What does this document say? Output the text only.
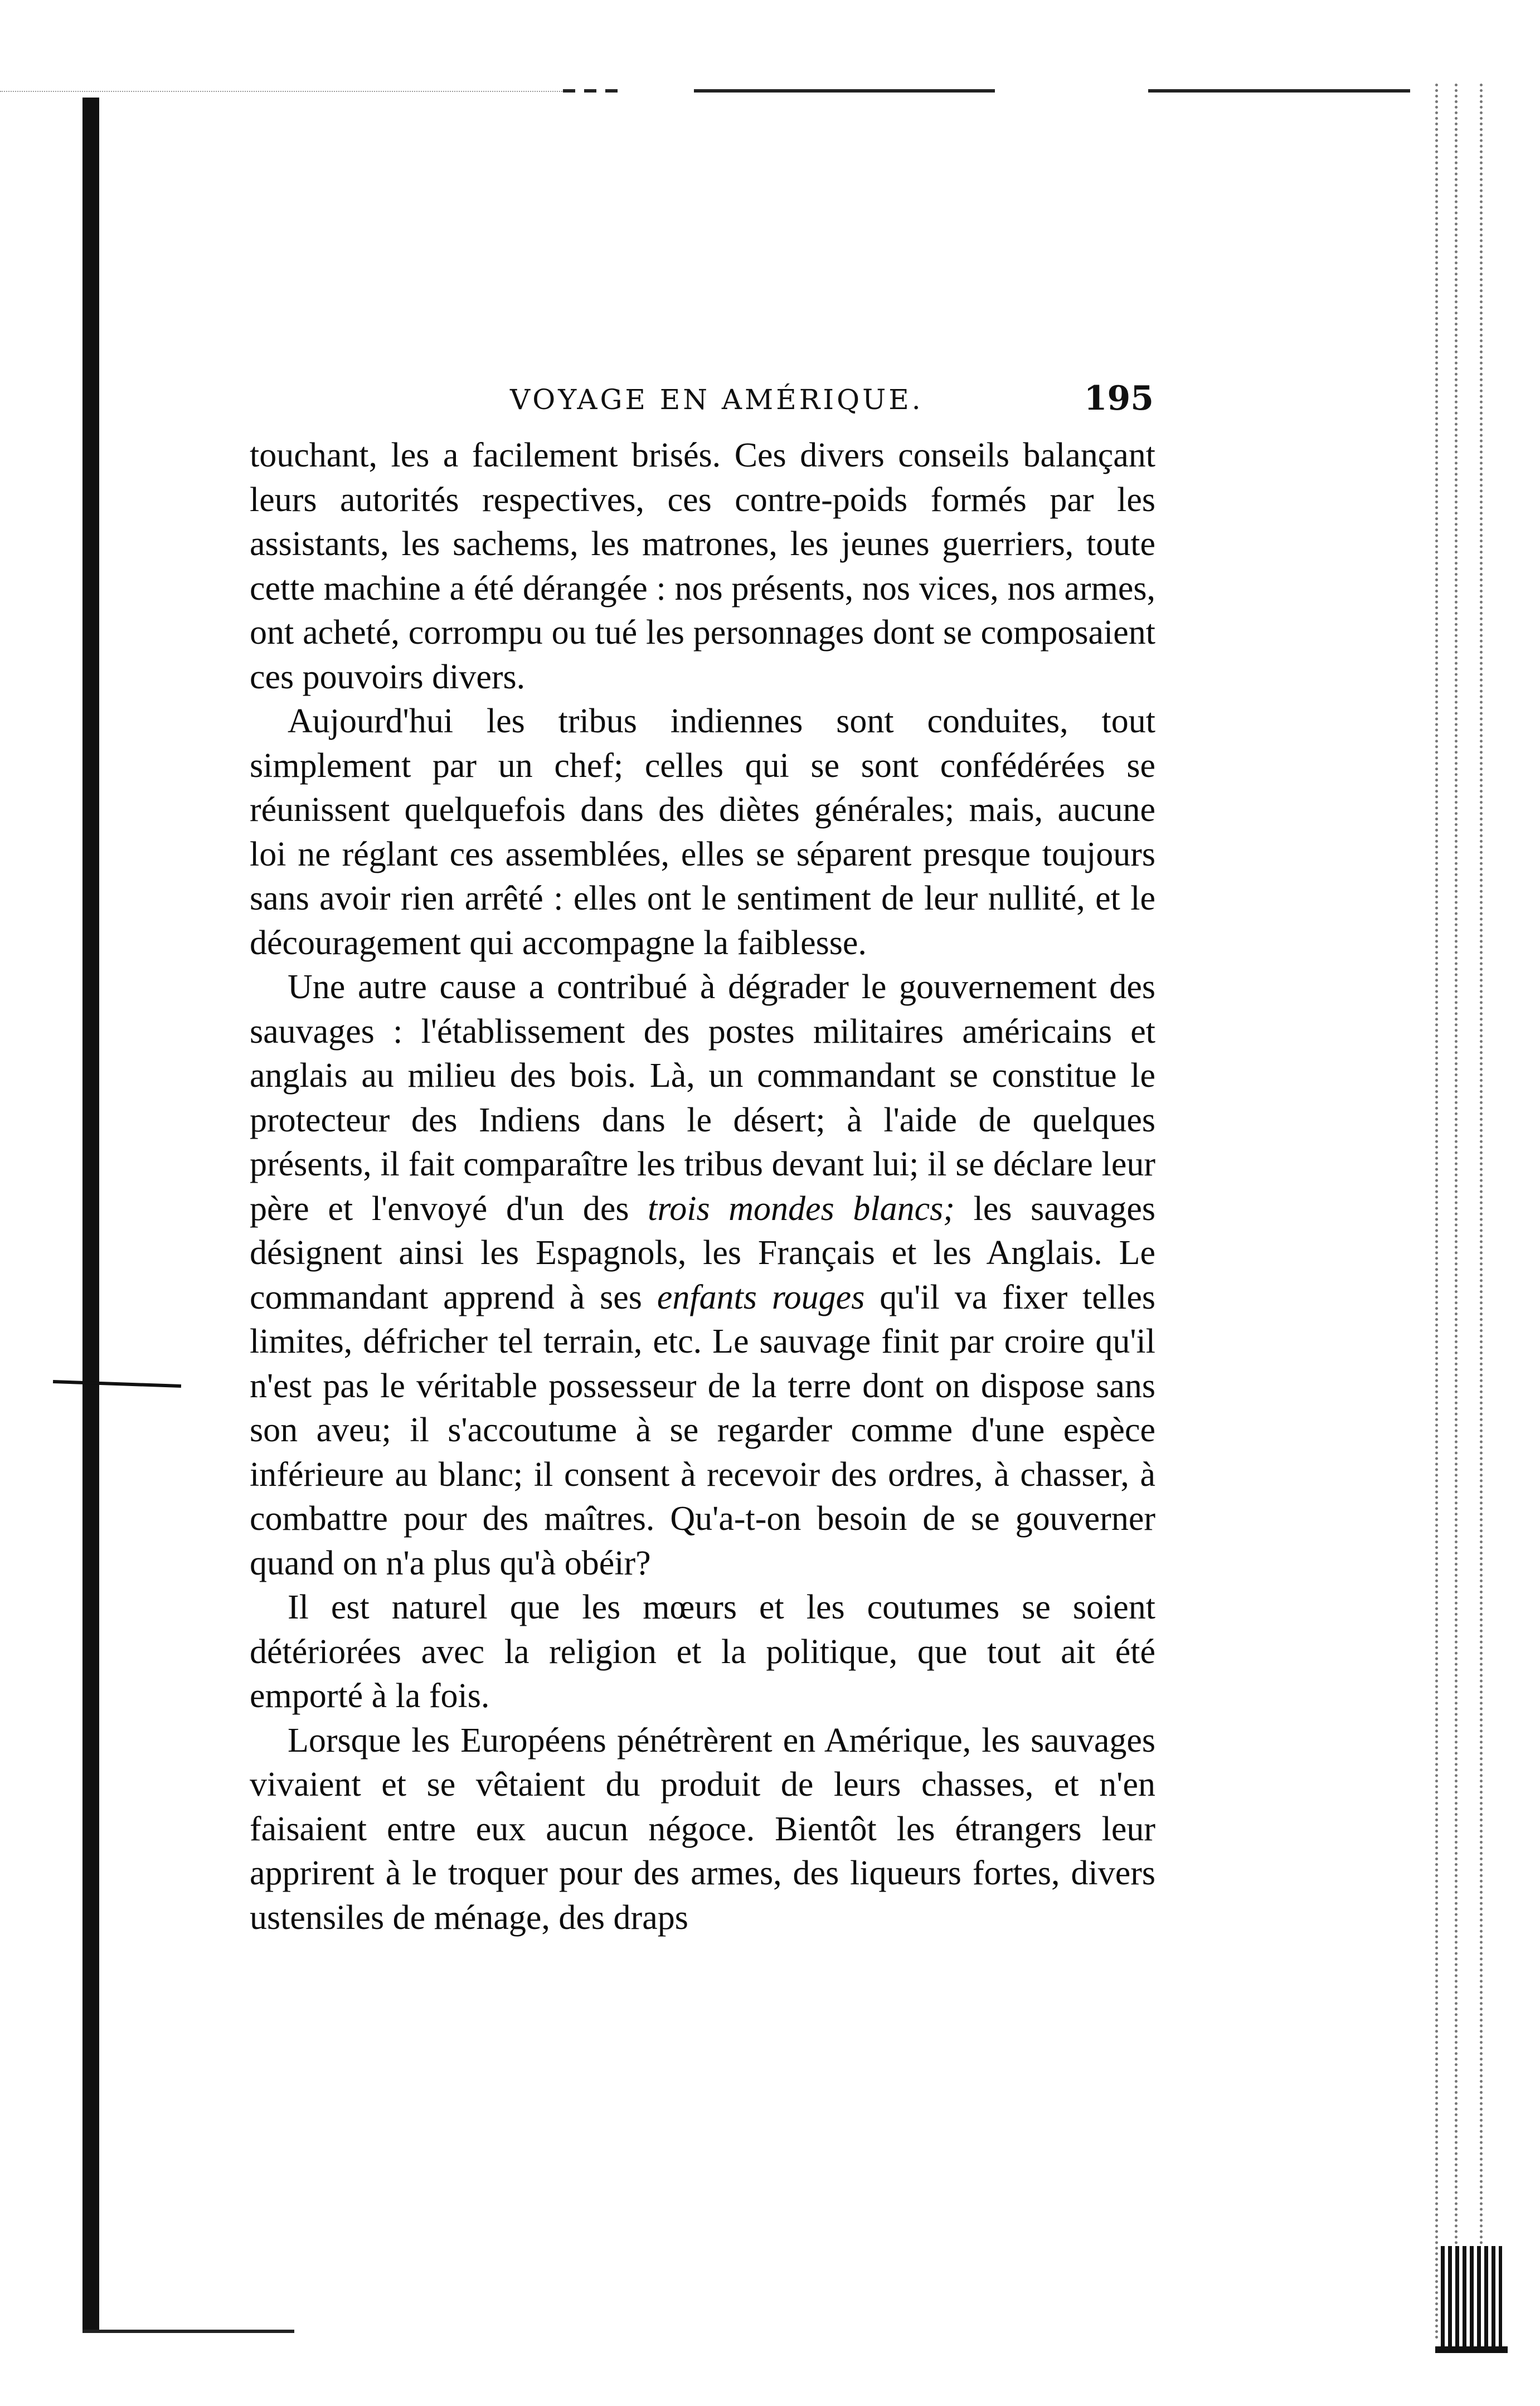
VOYAGE EN AMÉRIQUE.	195

touchant, les a facilement brisés. Ces divers conseils balançant leurs autorités respectives, ces contre-poids formés par les assistants, les sachems, les matrones, les jeunes guerriers, toute cette machine a été dérangée : nos présents, nos vices, nos armes, ont acheté, corrompu ou tué les personnages dont se composaient ces pouvoirs divers.

Aujourd'hui les tribus indiennes sont conduites, tout simplement par un chef; celles qui se sont confédérées se réunissent quelquefois dans des diètes générales; mais, aucune loi ne réglant ces assemblées, elles se séparent presque toujours sans avoir rien arrêté : elles ont le sentiment de leur nullité, et le découragement qui accompagne la faiblesse.

Une autre cause a contribué à dégrader le gouvernement des sauvages : l'établissement des postes militaires américains et anglais au milieu des bois. Là, un commandant se constitue le protecteur des Indiens dans le désert; à l'aide de quelques présents, il fait comparaître les tribus devant lui; il se déclare leur père et l'envoyé d'un des trois mondes blancs; les sauvages désignent ainsi les Espagnols, les Français et les Anglais. Le commandant apprend à ses enfants rouges qu'il va fixer telles limites, défricher tel terrain, etc. Le sauvage finit par croire qu'il n'est pas le véritable possesseur de la terre dont on dispose sans son aveu; il s'accoutume à se regarder comme d'une espèce inférieure au blanc; il consent à recevoir des ordres, à chasser, à combattre pour des maîtres. Qu'a-t-on besoin de se gouverner quand on n'a plus qu'à obéir?

Il est naturel que les mœurs et les coutumes se soient détériorées avec la religion et la politique, que tout ait été emporté à la fois.

Lorsque les Européens pénétrèrent en Amérique, les sauvages vivaient et se vêtaient du produit de leurs chasses, et n'en faisaient entre eux aucun négoce. Bientôt les étrangers leur apprirent à le troquer pour des armes, des liqueurs fortes, divers ustensiles de ménage, des draps
